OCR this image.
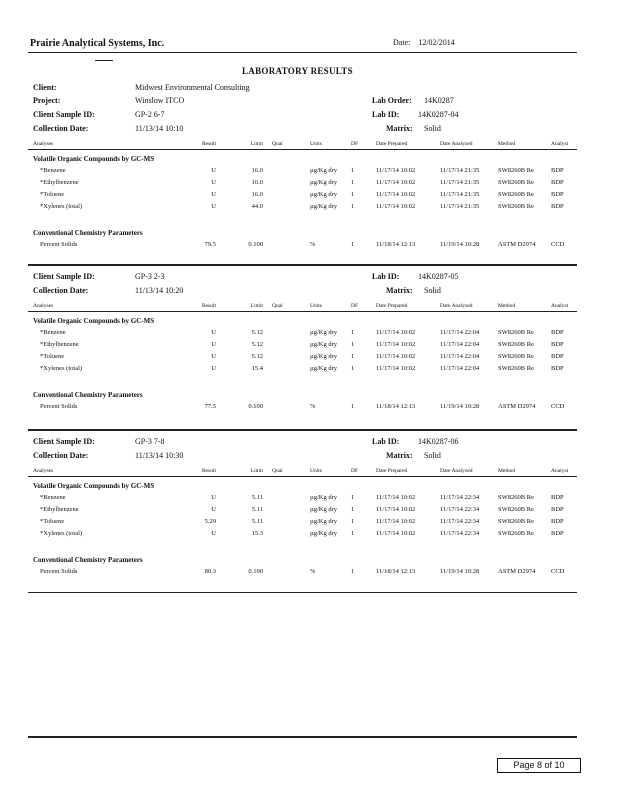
Prairie Analytical Systems, Inc.	Date: 12/02/2014
LABORATORY RESULTS
Client:	Midwest Environmental Consulting
Project:	Winslow ITCO	Lab Order: 14K0287
Client Sample ID:	GP-2 6-7	Lab ID: 14K0287-04
Collection Date:	11/13/14 10:10	Matrix: Solid
Analyses	Result	Limit Qual	Units	DF	Date Prepared	Date Analyzed	Method	Analyst
Volatile Organic Compounds by GC-MS
*Benzene	U	16.0	µg/Kg dry 1	11/17/14 10:02	11/17/14 21:35	SW8260B Re	BDP
*Ethylbenzene	U	16.0	µg/Kg dry 1	11/17/14 10:02	11/17/14 21:35	SW8260B Re	BDP
*Toluene	U	16.0	µg/Kg dry 1	11/17/14 10:02	11/17/14 21:35	SW8260B Re	BDP
*Xylenes (total)	U	44.0	µg/Kg dry 1	11/17/14 10:02	11/17/14 21:35	SW8260B Re	BDP
Conventional Chemistry Parameters
Percent Solids	79.5	0.100	%	1	11/18/14 12:13	11/19/14 10:28	ASTM D2974 CCD
Client Sample ID:	GP-3 2-3	Lab ID: 14K0287-05
Collection Date:	11/13/14 10:20	Matrix: Solid
Analyses	Result	Limit Qual	Units	DF	Date Prepared	Date Analyzed	Method	Analyst
Volatile Organic Compounds by GC-MS
*Benzene	U	5.12	µg/Kg dry 1	11/17/14 10:02	11/17/14 22:04	SW8260B Re	BDP
*Ethylbenzene	U	5.12	µg/Kg dry 1	11/17/14 10:02	11/17/14 22:04	SW8260B Re	BDP
*Toluene	U	5.12	µg/Kg dry 1	11/17/14 10:02	11/17/14 22:04	SW8260B Re	BDP
*Xylenes (total)	U	15.4	µg/Kg dry 1	11/17/14 10:02	11/17/14 22:04	SW8260B Re	BDP
Conventional Chemistry Parameters
Percent Solids	77.5	0.100	%	1	11/18/14 12:13	11/19/14 10:28	ASTM D2974 CCD
Client Sample ID:	GP-3 7-8	Lab ID: 14K0287-06
Collection Date:	11/13/14 10:30	Matrix: Solid
Analyses	Result	Limit Qual	Units	DF	Date Prepared	Date Analyzed	Method	Analyst
Volatile Organic Compounds by GC-MS
*Benzene	U	5.11	µg/Kg dry 1	11/17/14 10:02	11/17/14 22:34	SW8260B Re	BDP
*Ethylbenzene	U	5.11	µg/Kg dry 1	11/17/14 10:02	11/17/14 22:34	SW8260B Re	BDP
*Toluene	5.29	5.11	µg/Kg dry 1	11/17/14 10:02	11/17/14 22:34	SW8260B Re	BDP
*Xylenes (total)	U	15.3	µg/Kg dry 1	11/17/14 10:02	11/17/14 22:34	SW8260B Re	BDP
Conventional Chemistry Parameters
Percent Solids	80.3	0.100	%	1	11/18/14 12:13	11/19/14 10:28	ASTM D2974 CCD
Page 8 of 10
